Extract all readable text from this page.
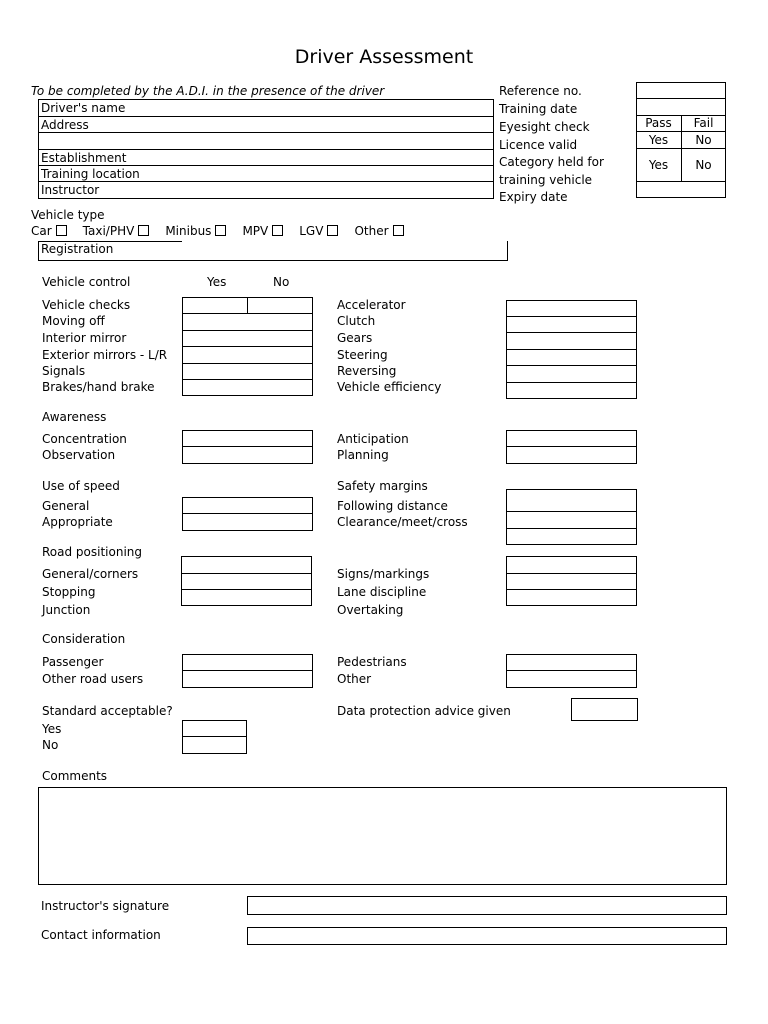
Driver Assessment
To be completed by the A.D.I. in the presence of the driver
Driver's name
Address
Establishment
Training location
Instructor
Reference no.
Training date
Eyesight check
Licence valid
Category held for
training vehicle
Expiry date
Pass	Fail
Yes	No
Yes	No
Vehicle type
Car	Taxi/PHV	Minibus	MPV	LGV	Other
Registration
Vehicle control	Yes	No
Vehicle checks
Moving off
Interior mirror
Exterior mirrors - L/R
Signals
Brakes/hand brake
Accelerator
Clutch
Gears
Steering
Reversing
Vehicle efficiency
Awareness
Concentration
Observation
Anticipation
Planning
Use of speed
General
Appropriate
Safety margins
Following distance
Clearance/meet/cross
Road positioning
General/corners
Stopping
Junction
Signs/markings
Lane discipline
Overtaking
Consideration
Passenger
Other road users
Pedestrians
Other
Standard acceptable?
Yes
No
Data protection advice given
Comments
Instructor's signature
Contact information
